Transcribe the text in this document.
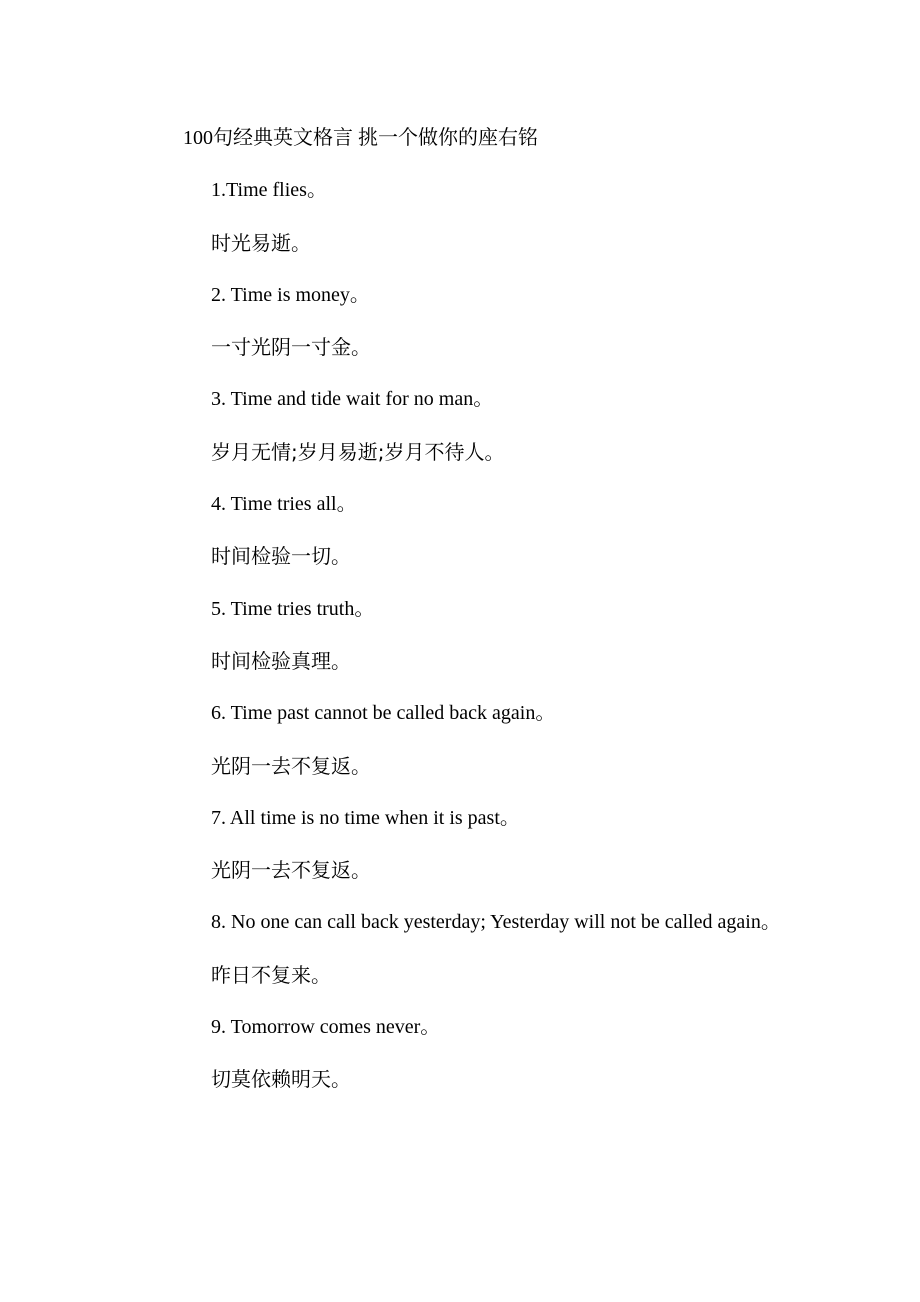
100句经典英文格言 挑一个做你的座右铭
1.Time flies。
时光易逝。
2. Time is money。
一寸光阴一寸金。
3. Time and tide wait for no man。
岁月无情;岁月易逝;岁月不待人。
4. Time tries all。
时间检验一切。
5. Time tries truth。
时间检验真理。
6. Time past cannot be called back again。
光阴一去不复返。
7. All time is no time when it is past。
光阴一去不复返。
8. No one can call back yesterday; Yesterday will not be called again。
昨日不复来。
9. Tomorrow comes never。
切莫依赖明天。
